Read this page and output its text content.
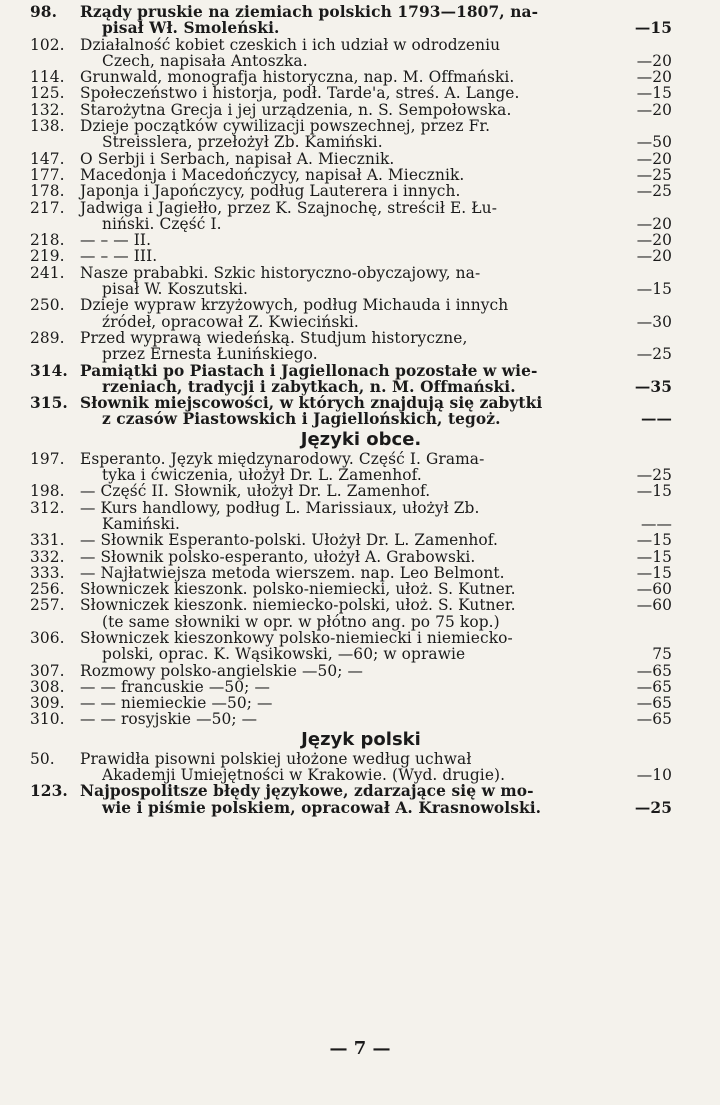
98.	Rządy pruskie na ziemiach polskich 1793—1807, na-
pisał Wł. Smoleński.	—15
102. Działalność kobiet czeskich i ich udział w odrodzeniu
Czech, napisała Antoszka.	—20
114. Grunwald, monografja historyczna, nap. M. Offmański.	—20
125. Społeczeństwo i historja, podł. Tarde'a, streś. A. Lange.	—15
132. Starożytna Grecja i jej urządzenia, n. S. Sempołowska.	—20
138. Dzieje początków cywilizacji powszechnej, przez Fr.
Streisslera, przełożył Zb. Kamiński.	—50
147. O Serbji i Serbach, napisał A. Miecznik.	—20
177. Macedonja i Macedończycy, napisał A. Miecznik.	—25
178. Japonja i Japończycy, podług Lauterera i innych.	—25
217. Jadwiga i Jagiełło, przez K. Szajnochę, streścił E. Łu-
niński. Część I.	—20
218. — – — II.	—20
219. — – — III.	—20
241. Nasze prababki. Szkic historyczno-obyczajowy, na-
pisał W. Koszutski.	—15
250. Dzieje wypraw krzyżowych, podług Michauda i innych
źródeł, opracował Z. Kwieciński.	—30
289. Przed wyprawą wiedeńską. Studjum historyczne,
przez Ernesta Łunińskiego.	—25
314. Pamiątki po Piastach i Jagiellonach pozostałe w wie-
rzeniach, tradycji i zabytkach, n. M. Offmański.	—35
315. Słownik miejscowości, w których znajdują się zabytki
z czasów Piastowskich i Jagiellońskich, tegoż.	——
Języki obce.
197. Esperanto. Język międzynarodowy. Część I. Grama-
tyka i ćwiczenia, ułożył Dr. L. Zamenhof.	—25
198. — Część II. Słownik, ułożył Dr. L. Zamenhof.	—15
312. — Kurs handlowy, podług L. Marissiaux, ułożył Zb.
Kamiński.	——
331. — Słownik Esperanto-polski. Ułożył Dr. L. Zamenhof.	—15
332. — Słownik polsko-esperanto, ułożył A. Grabowski.	—15
333. — Najłatwiejsza metoda wierszem. nap. Leo Belmont.	—15
256. Słowniczek kieszonk. polsko-niemiecki, ułoż. S. Kutner.	—60
257. Słowniczek kieszonk. niemiecko-polski, ułoż. S. Kutner.	—60
(te same słowniki w opr. w płótno ang. po 75 kop.)
306. Słowniczek kieszonkowy polsko-niemiecki i niemiecko-
polski, oprac. K. Wąsikowski, —60; w oprawie	75
307. Rozmowy polsko-angielskie —50; —	—65
308. — — francuskie —50; —	—65
309. — — niemieckie —50; —	—65
310. — — rosyjskie —50; —	—65
Język polski
50.	Prawidła pisowni polskiej ułożone według uchwał
Akademji Umiejętności w Krakowie. (Wyd. drugie).	—10
123. Najpospolitsze błędy językowe, zdarzające się w mo-
wie i piśmie polskiem, opracował A. Krasnowolski.	—25
— 7 —
